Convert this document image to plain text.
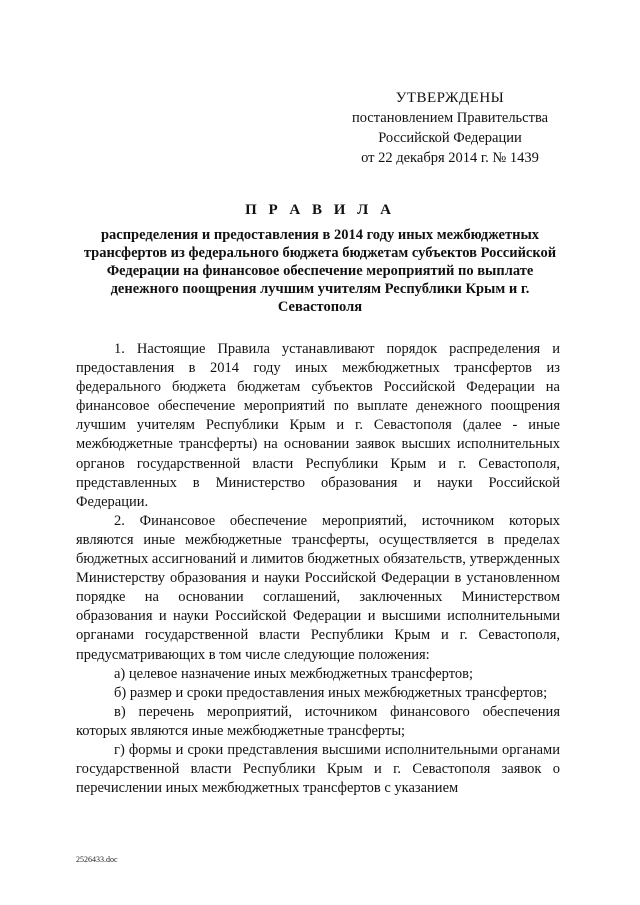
УТВЕРЖДЕНЫ
постановлением Правительства
Российской Федерации
от 22 декабря 2014 г. № 1439
П Р А В И Л А
распределения и предоставления в 2014 году иных межбюджетных трансфертов из федерального бюджета бюджетам субъектов Российской Федерации на финансовое обеспечение мероприятий по выплате денежного поощрения лучшим учителям Республики Крым и г. Севастополя

1. Настоящие Правила устанавливают порядок распределения и предоставления в 2014 году иных межбюджетных трансфертов из федерального бюджета бюджетам субъектов Российской Федерации на финансовое обеспечение мероприятий по выплате денежного поощрения лучшим учителям Республики Крым и г. Севастополя (далее - иные межбюджетные трансферты) на основании заявок высших исполнительных органов государственной власти Республики Крым и г. Севастополя, представленных в Министерство образования и науки Российской Федерации.

2. Финансовое обеспечение мероприятий, источником которых являются иные межбюджетные трансферты, осуществляется в пределах бюджетных ассигнований и лимитов бюджетных обязательств, утвержденных Министерству образования и науки Российской Федерации в установленном порядке на основании соглашений, заключенных Министерством образования и науки Российской Федерации и высшими исполнительными органами государственной власти Республики Крым и г. Севастополя, предусматривающих в том числе следующие положения:

а) целевое назначение иных межбюджетных трансфертов;

б) размер и сроки предоставления иных межбюджетных трансфертов;

в) перечень мероприятий, источником финансового обеспечения которых являются иные межбюджетные трансферты;

г) формы и сроки представления высшими исполнительными органами государственной власти Республики Крым и г. Севастополя заявок о перечислении иных межбюджетных трансфертов с указанием

2526433.doc
